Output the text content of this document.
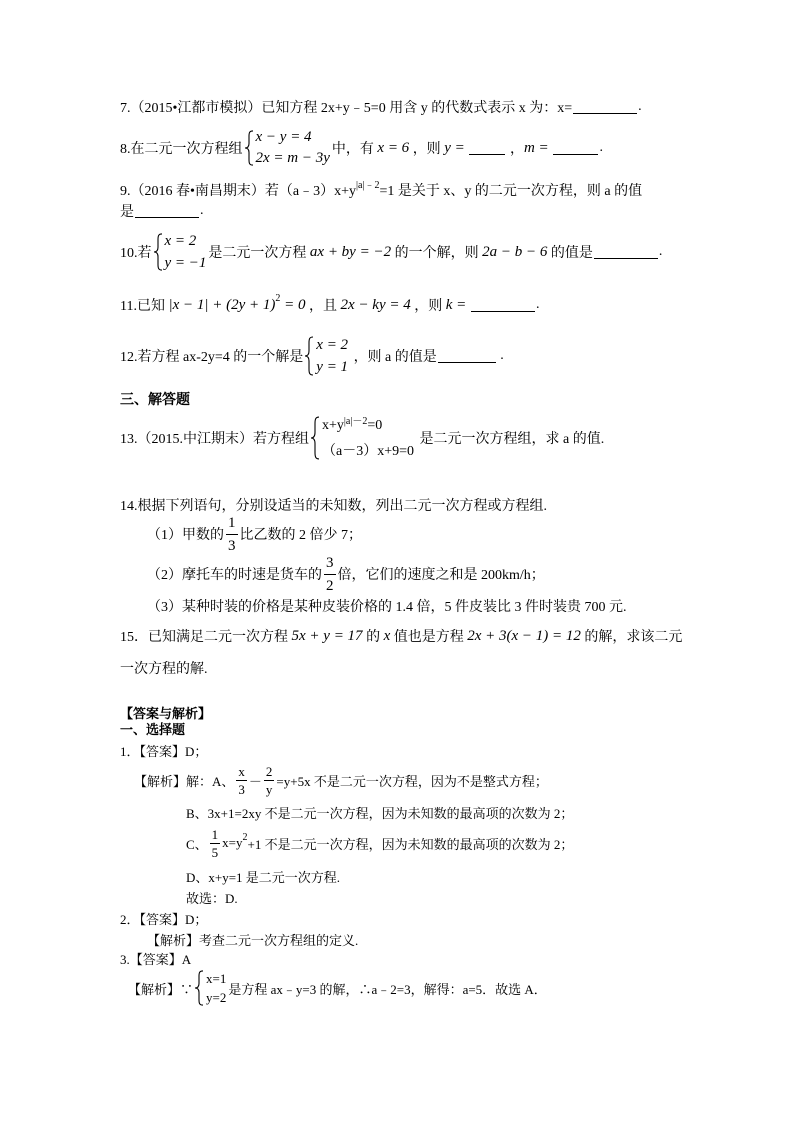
7.（2015•江都市模拟）已知方程 2x+y﹣5=0 用含 y 的代数式表示 x 为：x=	.
8.在二元一次方程组
x − y = 4
2x = m − 3y
中，有 x = 6 ，则 y =	， m =	.
9.（2016 春•南昌期末）若（a﹣3）x+y |a|﹣2 =1 是关于 x、y 的二元一次方程，则 a 的值
是	.
10.若
x = 2
y = −1
是二元一次方程 ax + by = −2 的一个解，则 2a − b − 6 的值是	.
11.已知 |x − 1| + (2y + 1) 2 = 0 ，且 2x − ky = 4 ，则 k =	.
12.若方程 ax-2y=4 的一个解是
x = 2
y = 1
，则 a 的值是	.
三、解答题
13.（2015.中江期末）若方程组
x+y |a|－2 =0
（a－3）x+9=0
是二元一次方程组，求 a 的值.
14.根据下列语句，分别设适当的未知数，列出二元一次方程或方程组.
（1）甲数的 $\frac{1}{3}$ 比乙数的 2 倍少 7；
（2）摩托车的时速是货车的 $\frac{3}{2}$ 倍，它们的速度之和是 200km/h；
（3）某种时装的价格是某种皮装价格的 1.4 倍，5 件皮装比 3 件时装贵 700 元.
15．已知满足二元一次方程 5x + y = 17 的 x 值也是方程 2x + 3(x − 1) = 12 的解，求该二元
一次方程的解.
【答案与解析】
一、选择题
1．【答案】D；
【解析】解：A、 $\frac{x}{3} - \frac{2}{y} =y+5x$ 不是二元一次方程，因为不是整式方程；
B、3x+1=2xy 不是二元一次方程，因为未知数的最高项的次数为 2；
C、 $\frac{1}{5} x=y$ 2 +1 不是二元一次方程，因为未知数的最高项的次数为 2；
D、x+y=1 是二元一次方程.
故选：D.
2．【答案】D；
【解析】考查二元一次方程组的定义.
3.【答案】A
【解析】∵
x=1
y=2
是方程 ax﹣y=3 的解，∴a﹣2=3，解得：a=5．故选 A．
